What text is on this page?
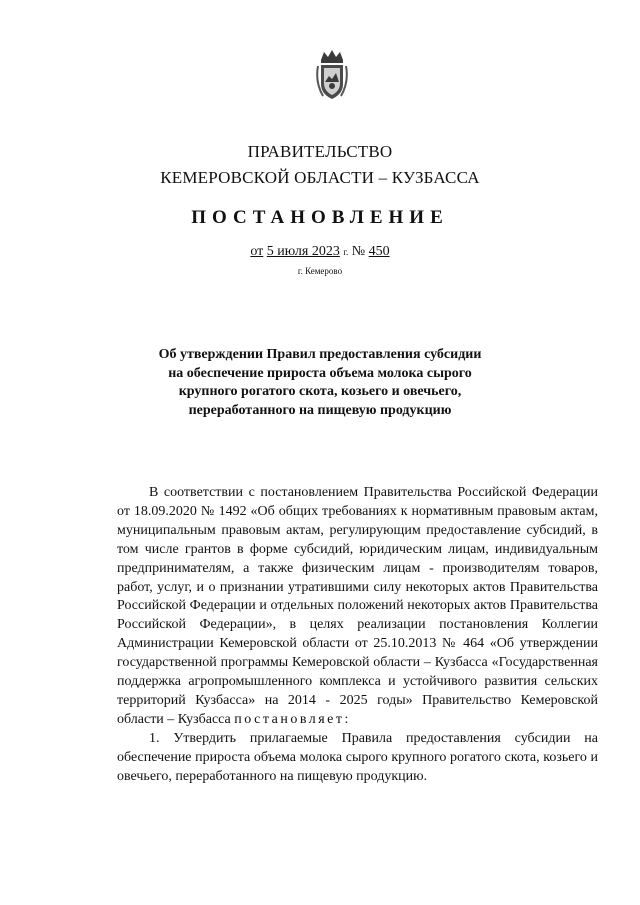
ПРАВИТЕЛЬСТВО
КЕМЕРОВСКОЙ ОБЛАСТИ – КУЗБАССА
ПОСТАНОВЛЕНИЕ
от 5 июля 2023 г. № 450
г. Кемерово
Об утверждении Правил предоставления субсидии
на обеспечение прироста объема молока сырого
крупного рогатого скота, козьего и овечьего,
переработанного на пищевую продукцию

В соответствии с постановлением Правительства Российской Федерации от 18.09.2020 № 1492 «Об общих требованиях к нормативным правовым актам, муниципальным правовым актам, регулирующим предоставление субсидий, в том числе грантов в форме субсидий, юридическим лицам, индивидуальным предпринимателям, а также физическим лицам - производителям товаров, работ, услуг, и о признании утратившими силу некоторых актов Правительства Российской Федерации и отдельных положений некоторых актов Правительства Российской Федерации», в целях реализации постановления Коллегии Администрации Кемеровской области от 25.10.2013 № 464 «Об утверждении государственной программы Кемеровской области – Кузбасса «Государственная поддержка агропромышленного комплекса и устойчивого развития сельских территорий Кузбасса» на 2014 - 2025 годы» Правительство Кемеровской области – Кузбасса постановляет:

1. Утвердить прилагаемые Правила предоставления субсидии на обеспечение прироста объема молока сырого крупного рогатого скота, козьего и овечьего, переработанного на пищевую продукцию.
